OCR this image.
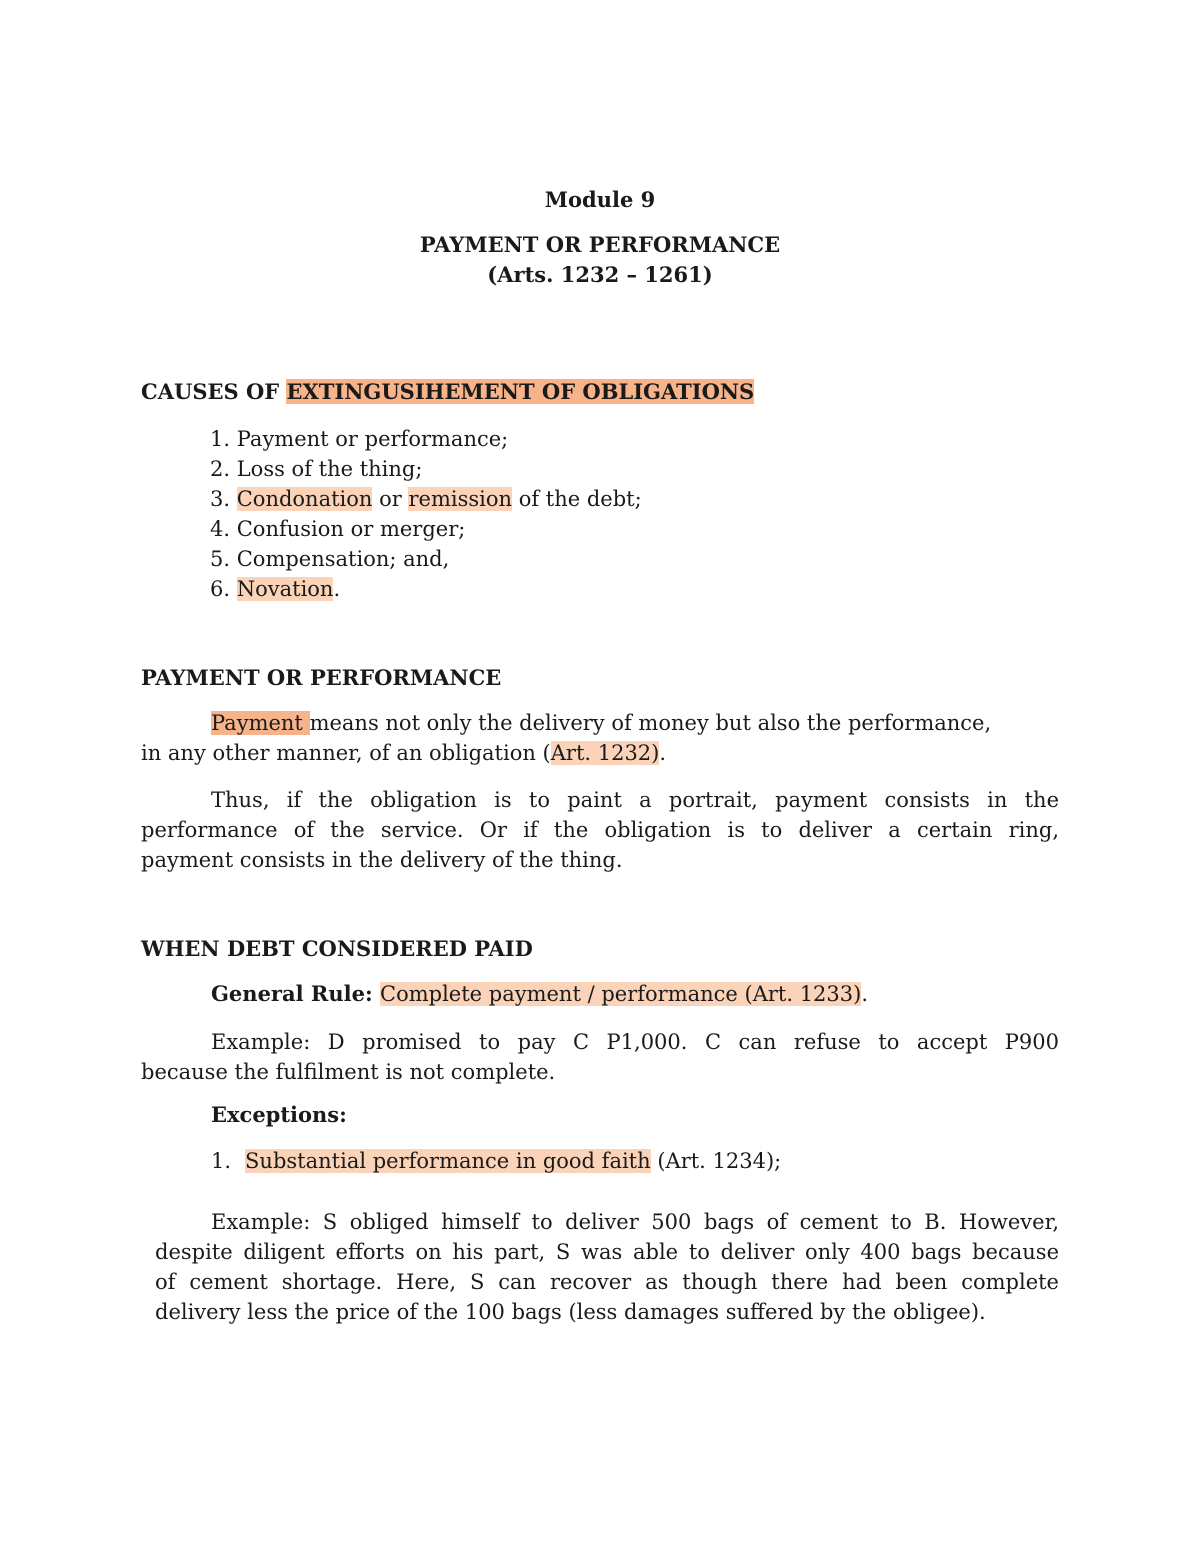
Module 9
PAYMENT OR PERFORMANCE
(Arts. 1232 – 1261)
CAUSES OF EXTINGUSIHEMENT OF OBLIGATIONS
1. Payment or performance;
2. Loss of the thing;
3. Condonation or remission of the debt;
4. Confusion or merger;
5. Compensation; and,
6. Novation.
PAYMENT OR PERFORMANCE
Payment means not only the delivery of money but also the performance,
in any other manner, of an obligation (Art. 1232).
Thus, if the obligation is to paint a portrait, payment consists in the
performance of the service. Or if the obligation is to deliver a certain ring,
payment consists in the delivery of the thing.
WHEN DEBT CONSIDERED PAID
General Rule: Complete payment / performance (Art. 1233).
Example: D promised to pay C P1,000. C can refuse to accept P900
because the fulfilment is not complete.
Exceptions:
1. Substantial performance in good faith (Art. 1234);
Example: S obliged himself to deliver 500 bags of cement to B. However,
despite diligent efforts on his part, S was able to deliver only 400 bags because
of cement shortage. Here, S can recover as though there had been complete
delivery less the price of the 100 bags (less damages suffered by the obligee).
